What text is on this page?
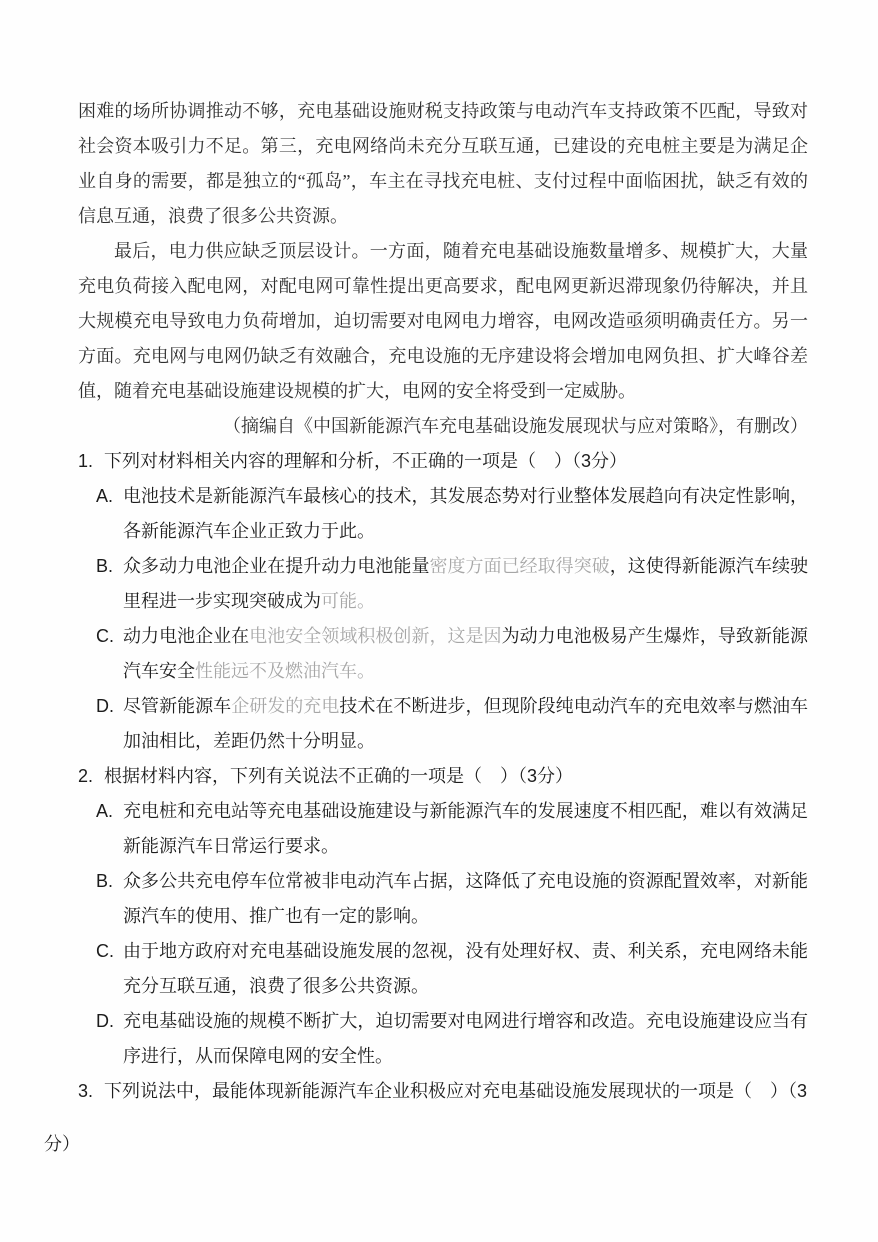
困难的场所协调推动不够，充电基础设施财税支持政策与电动汽车支持政策不匹配，导致对社会资本吸引力不足。第三，充电网络尚未充分互联互通，已建设的充电桩主要是为满足企业自身的需要，都是独立的“孤岛”，车主在寻找充电桩、支付过程中面临困扰，缺乏有效的信息互通，浪费了很多公共资源。

最后，电力供应缺乏顶层设计。一方面，随着充电基础设施数量增多、规模扩大，大量充电负荷接入配电网，对配电网可靠性提出更高要求，配电网更新迟滞现象仍待解决，并且大规模充电导致电力负荷增加，迫切需要对电网电力增容，电网改造亟须明确责任方。另一方面。充电网与电网仍缺乏有效融合，充电设施的无序建设将会增加电网负担、扩大峰谷差值，随着充电基础设施建设规模的扩大，电网的安全将受到一定威胁。

（摘编自《中国新能源汽车充电基础设施发展现状与应对策略》，有删改）

1. 下列对材料相关内容的理解和分析，不正确的一项是（　）（3分）

A. 电池技术是新能源汽车最核心的技术，其发展态势对行业整体发展趋向有决定性影响，各新能源汽车企业正致力于此。

B. 众多动力电池企业在提升动力电池能量密度方面已经取得突破，这使得新能源汽车续驶里程进一步实现突破成为可能。

C. 动力电池企业在电池安全领域积极创新，这是因为动力电池极易产生爆炸，导致新能源汽车安全性能远不及燃油汽车。

D. 尽管新能源车企研发的充电技术在不断进步，但现阶段纯电动汽车的充电效率与燃油车加油相比，差距仍然十分明显。

2. 根据材料内容，下列有关说法不正确的一项是（　）（3分）

A. 充电桩和充电站等充电基础设施建设与新能源汽车的发展速度不相匹配，难以有效满足新能源汽车日常运行要求。

B. 众多公共充电停车位常被非电动汽车占据，这降低了充电设施的资源配置效率，对新能源汽车的使用、推广也有一定的影响。

C. 由于地方政府对充电基础设施发展的忽视，没有处理好权、责、利关系，充电网络未能充分互联互通，浪费了很多公共资源。

D. 充电基础设施的规模不断扩大，迫切需要对电网进行增容和改造。充电设施建设应当有序进行，从而保障电网的安全性。

3. 下列说法中，最能体现新能源汽车企业积极应对充电基础设施发展现状的一项是（　）（3

分）
